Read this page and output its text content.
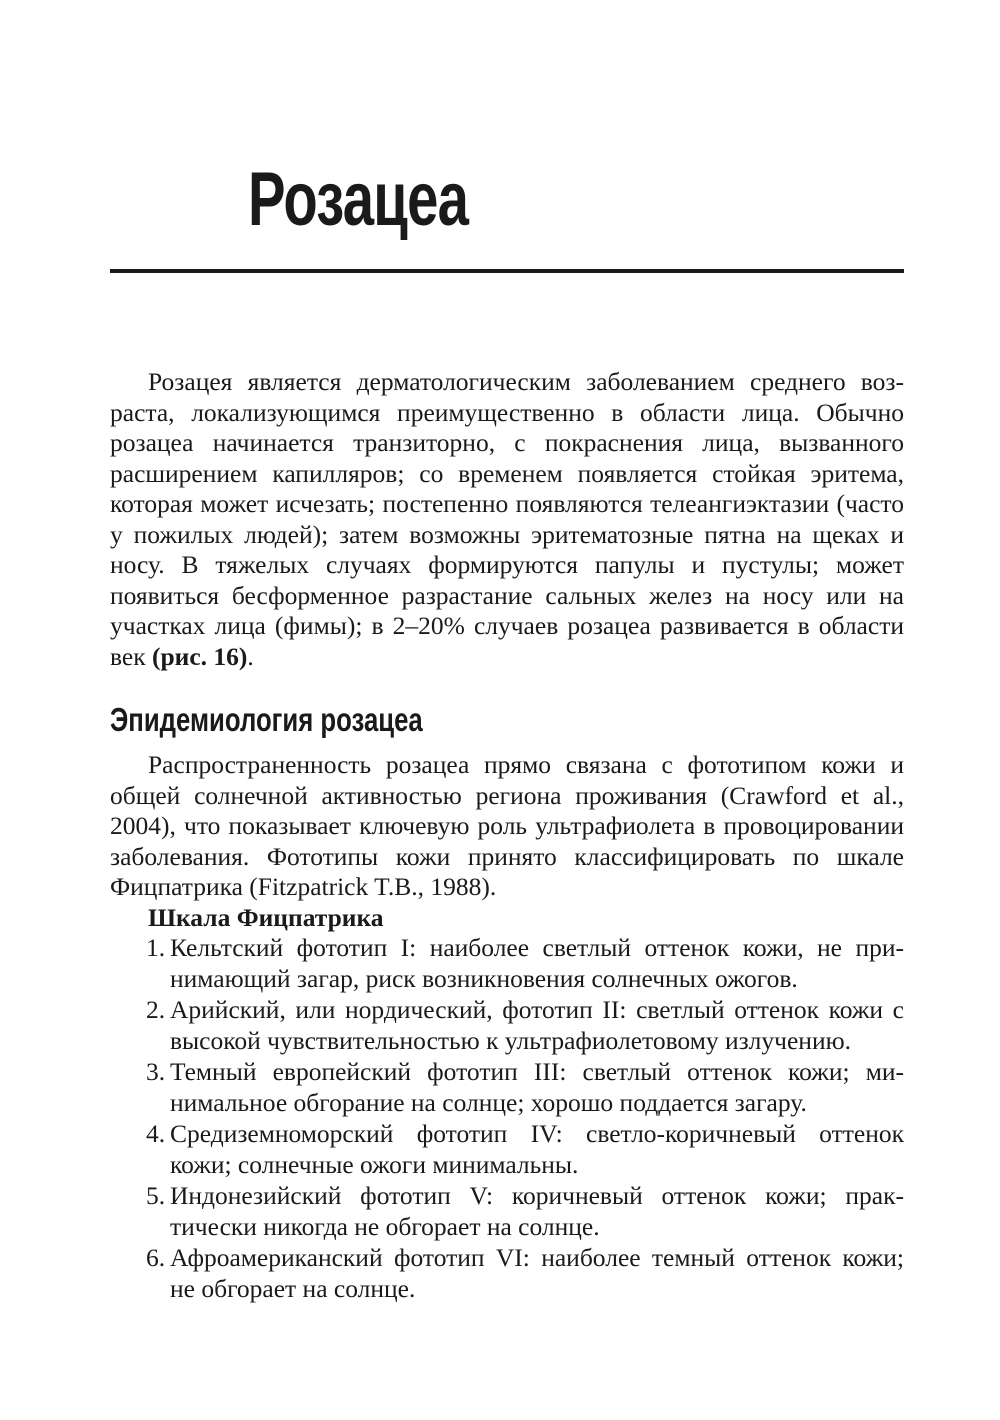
Розацеа

Розацея является дерматологическим заболеванием среднего возраста, локализующимся преимущественно в области лица. Обычно розацеа начинается транзиторно, с покраснения лица, вызванного расширением капилляров; со временем появляется стойкая эритема, которая может исчезать; постепенно появляются телеангиэктазии (часто у пожилых людей); затем возможны эритематозные пятна на щеках и носу. В тяжелых случаях формируются папулы и пустулы; может появиться бесформенное разрастание сальных желез на носу или на участках лица (фимы); в 2–20% случаев розацеа развивается в области век (рис. 16).

Эпидемиология розацеа

Распространенность розацеа прямо связана с фототипом кожи и общей солнечной активностью региона проживания (Crawford et al., 2004), что показывает ключевую роль ультрафиолета в провоцировании заболевания. Фототипы кожи принято классифицировать по шкале Фицпатрика (Fitzpatrick T.B., 1988).

Шкала Фицпатрика

1. Кельтский фототип I: наиболее светлый оттенок кожи, не принимающий загар, риск возникновения солнечных ожогов.
2. Арийский, или нордический, фототип II: светлый оттенок кожи с высокой чувствительностью к ультрафиолетовому излучению.
3. Темный европейский фототип III: светлый оттенок кожи; минимальное обгорание на солнце; хорошо поддается загару.
4. Средиземноморский фототип IV: светло-коричневый оттенок кожи; солнечные ожоги минимальны.
5. Индонезийский фототип V: коричневый оттенок кожи; практически никогда не обгорает на солнце.
6. Афроамериканский фототип VI: наиболее темный оттенок кожи; не обгорает на солнце.
